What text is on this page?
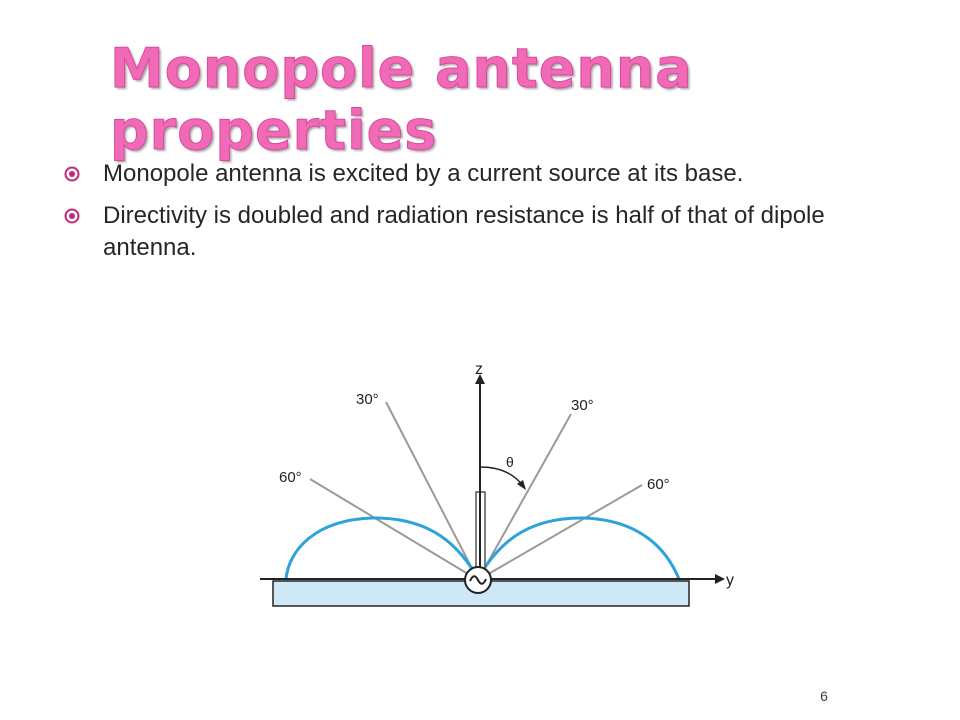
Monopole antenna properties
Monopole antenna is excited by a current source at its base.
Directivity is doubled and radiation resistance is half of that of dipole antenna.
z
y
θ
30°	30°
60°	60°
6
